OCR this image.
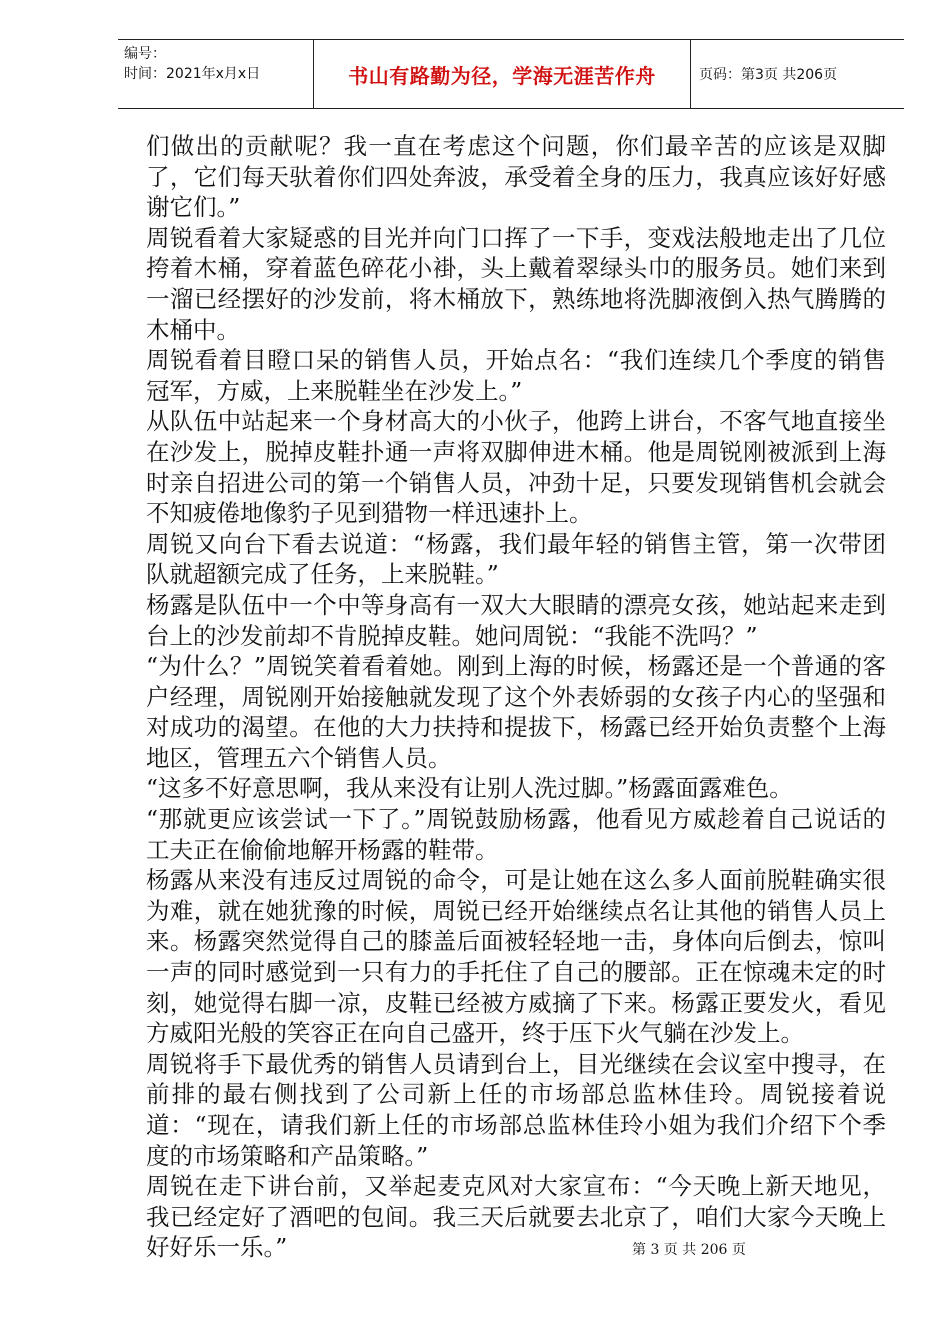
编号：
时间：2021年x月x日	书山有路勤为径，学海无涯苦作舟	页码：第3页 共206页

们做出的贡献呢？我一直在考虑这个问题，你们最辛苦的应该是双脚了，它们每天驮着你们四处奔波，承受着全身的压力，我真应该好好感谢它们。”

周锐看着大家疑惑的目光并向门口挥了一下手，变戏法般地走出了几位挎着木桶，穿着蓝色碎花小褂，头上戴着翠绿头巾的服务员。她们来到一溜已经摆好的沙发前，将木桶放下，熟练地将洗脚液倒入热气腾腾的木桶中。

周锐看着目瞪口呆的销售人员，开始点名：“我们连续几个季度的销售冠军，方威，上来脱鞋坐在沙发上。”

从队伍中站起来一个身材高大的小伙子，他跨上讲台，不客气地直接坐在沙发上，脱掉皮鞋扑通一声将双脚伸进木桶。他是周锐刚被派到上海时亲自招进公司的第一个销售人员，冲劲十足，只要发现销售机会就会不知疲倦地像豹子见到猎物一样迅速扑上。

周锐又向台下看去说道：“杨露，我们最年轻的销售主管，第一次带团队就超额完成了任务，上来脱鞋。”

杨露是队伍中一个中等身高有一双大大眼睛的漂亮女孩，她站起来走到台上的沙发前却不肯脱掉皮鞋。她问周锐：“我能不洗吗？”

“为什么？”周锐笑着看着她。刚到上海的时候，杨露还是一个普通的客户经理，周锐刚开始接触就发现了这个外表娇弱的女孩子内心的坚强和对成功的渴望。在他的大力扶持和提拔下，杨露已经开始负责整个上海地区，管理五六个销售人员。

“这多不好意思啊，我从来没有让别人洗过脚。”杨露面露难色。

“那就更应该尝试一下了。”周锐鼓励杨露，他看见方威趁着自己说话的工夫正在偷偷地解开杨露的鞋带。

杨露从来没有违反过周锐的命令，可是让她在这么多人面前脱鞋确实很为难，就在她犹豫的时候，周锐已经开始继续点名让其他的销售人员上来。杨露突然觉得自己的膝盖后面被轻轻地一击，身体向后倒去，惊叫一声的同时感觉到一只有力的手托住了自己的腰部。正在惊魂未定的时刻，她觉得右脚一凉，皮鞋已经被方威摘了下来。杨露正要发火，看见方威阳光般的笑容正在向自己盛开，终于压下火气躺在沙发上。

周锐将手下最优秀的销售人员请到台上，目光继续在会议室中搜寻，在前排的最右侧找到了公司新上任的市场部总监林佳玲。周锐接着说道：“现在，请我们新上任的市场部总监林佳玲小姐为我们介绍下个季度的市场策略和产品策略。”

周锐在走下讲台前，又举起麦克风对大家宣布：“今天晚上新天地见，我已经定好了酒吧的包间。我三天后就要去北京了，咱们大家今天晚上好好乐一乐。”	第 3 页 共 206 页
